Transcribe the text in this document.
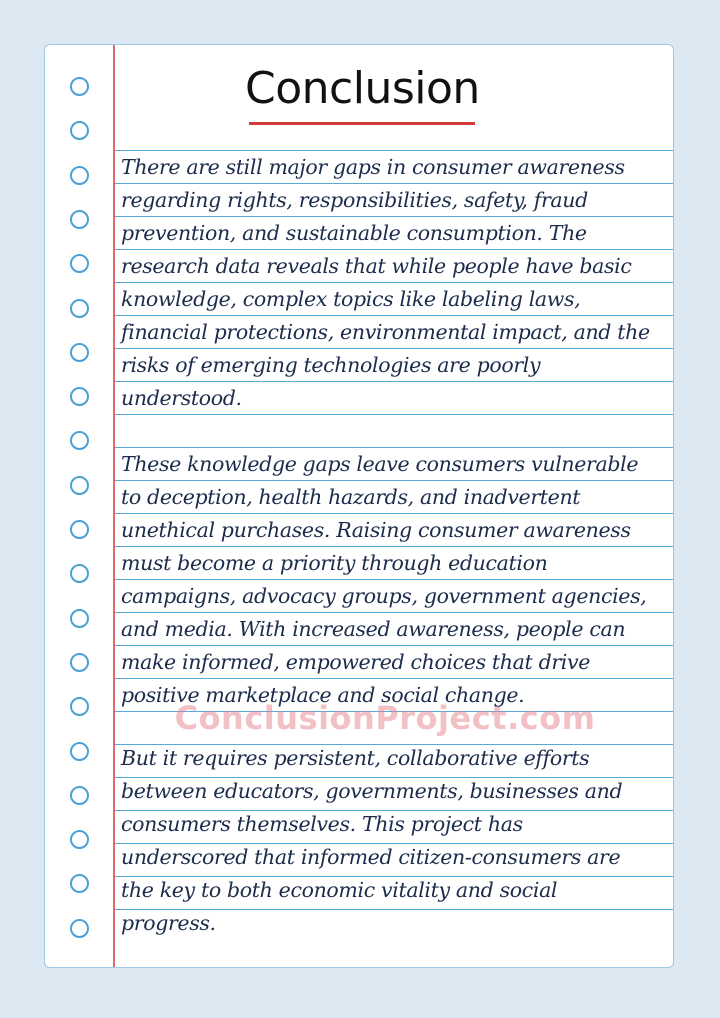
Conclusion
There are still major gaps in consumer awareness
regarding rights, responsibilities, safety, fraud
prevention, and sustainable consumption. The
research data reveals that while people have basic
knowledge, complex topics like labeling laws,
financial protections, environmental impact, and the
risks of emerging technologies are poorly
understood.
These knowledge gaps leave consumers vulnerable
to deception, health hazards, and inadvertent
unethical purchases. Raising consumer awareness
must become a priority through education
campaigns, advocacy groups, government agencies,
and media. With increased awareness, people can
make informed, empowered choices that drive
positive marketplace and social change.
But it requires persistent, collaborative efforts
between educators, governments, businesses and
consumers themselves. This project has
underscored that informed citizen-consumers are
the key to both economic vitality and social
progress.
ConclusionProject.com
